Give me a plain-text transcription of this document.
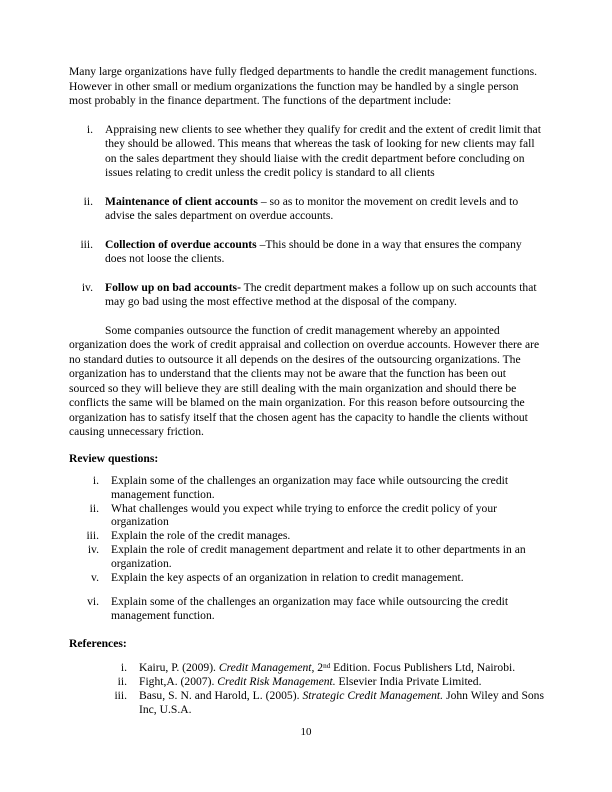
Many large organizations have fully fledged departments to handle the credit management functions. However in other small or medium organizations the function may be handled by a single person most probably in the finance department. The functions of the department include:

i. Appraising new clients to see whether they qualify for credit and the extent of credit limit that they should be allowed. This means that whereas the task of looking for new clients may fall on the sales department they should liaise with the credit department before concluding on issues relating to credit unless the credit policy is standard to all clients
ii. Maintenance of client accounts – so as to monitor the movement on credit levels and to advise the sales department on overdue accounts.
iii. Collection of overdue accounts –This should be done in a way that ensures the company does not loose the clients.
iv. Follow up on bad accounts- The credit department makes a follow up on such accounts that may go bad using the most effective method at the disposal of the company.

Some companies outsource the function of credit management whereby an appointed organization does the work of credit appraisal and collection on overdue accounts. However there are no standard duties to outsource it all depends on the desires of the outsourcing organizations. The organization has to understand that the clients may not be aware that the function has been out sourced so they will believe they are still dealing with the main organization and should there be conflicts the same will be blamed on the main organization. For this reason before outsourcing the organization has to satisfy itself that the chosen agent has the capacity to handle the clients without causing unnecessary friction.

Review questions:
i. Explain some of the challenges an organization may face while outsourcing the credit management function.
ii. What challenges would you expect while trying to enforce the credit policy of your organization
iii. Explain the role of the credit manages.
iv. Explain the role of credit management department and relate it to other departments in an organization.
v. Explain the key aspects of an organization in relation to credit management.
vi. Explain some of the challenges an organization may face while outsourcing the credit management function.
References:
i. Kairu, P. (2009). Credit Management, 2nd Edition. Focus Publishers Ltd, Nairobi.
ii. Fight,A. (2007). Credit Risk Management. Elsevier India Private Limited.
iii. Basu, S. N. and Harold, L. (2005). Strategic Credit Management. John Wiley and Sons Inc, U.S.A.
10
